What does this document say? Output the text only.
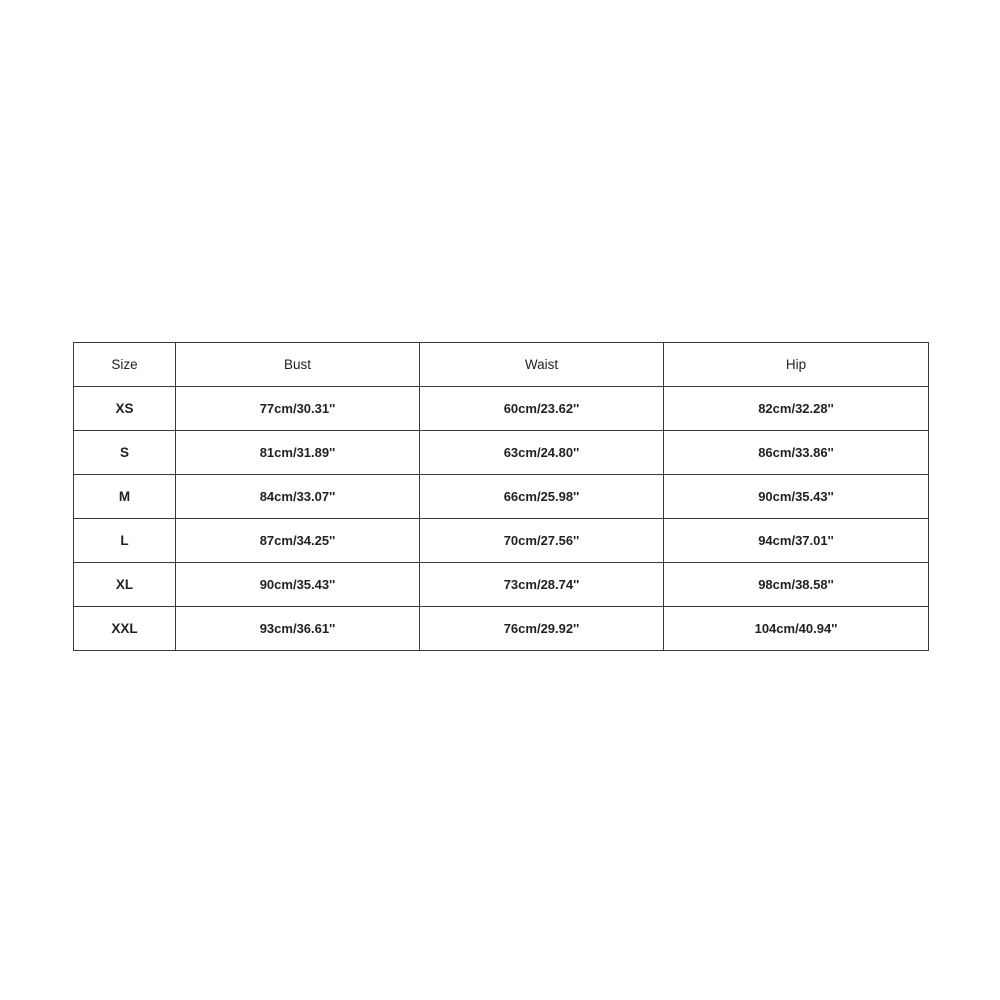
Size	Bust	Waist	Hip
XS	77cm/30.31''	60cm/23.62''	82cm/32.28''
S	81cm/31.89''	63cm/24.80''	86cm/33.86''
M	84cm/33.07''	66cm/25.98''	90cm/35.43''
L	87cm/34.25''	70cm/27.56''	94cm/37.01''
XL	90cm/35.43''	73cm/28.74''	98cm/38.58''
XXL	93cm/36.61''	76cm/29.92''	104cm/40.94''
